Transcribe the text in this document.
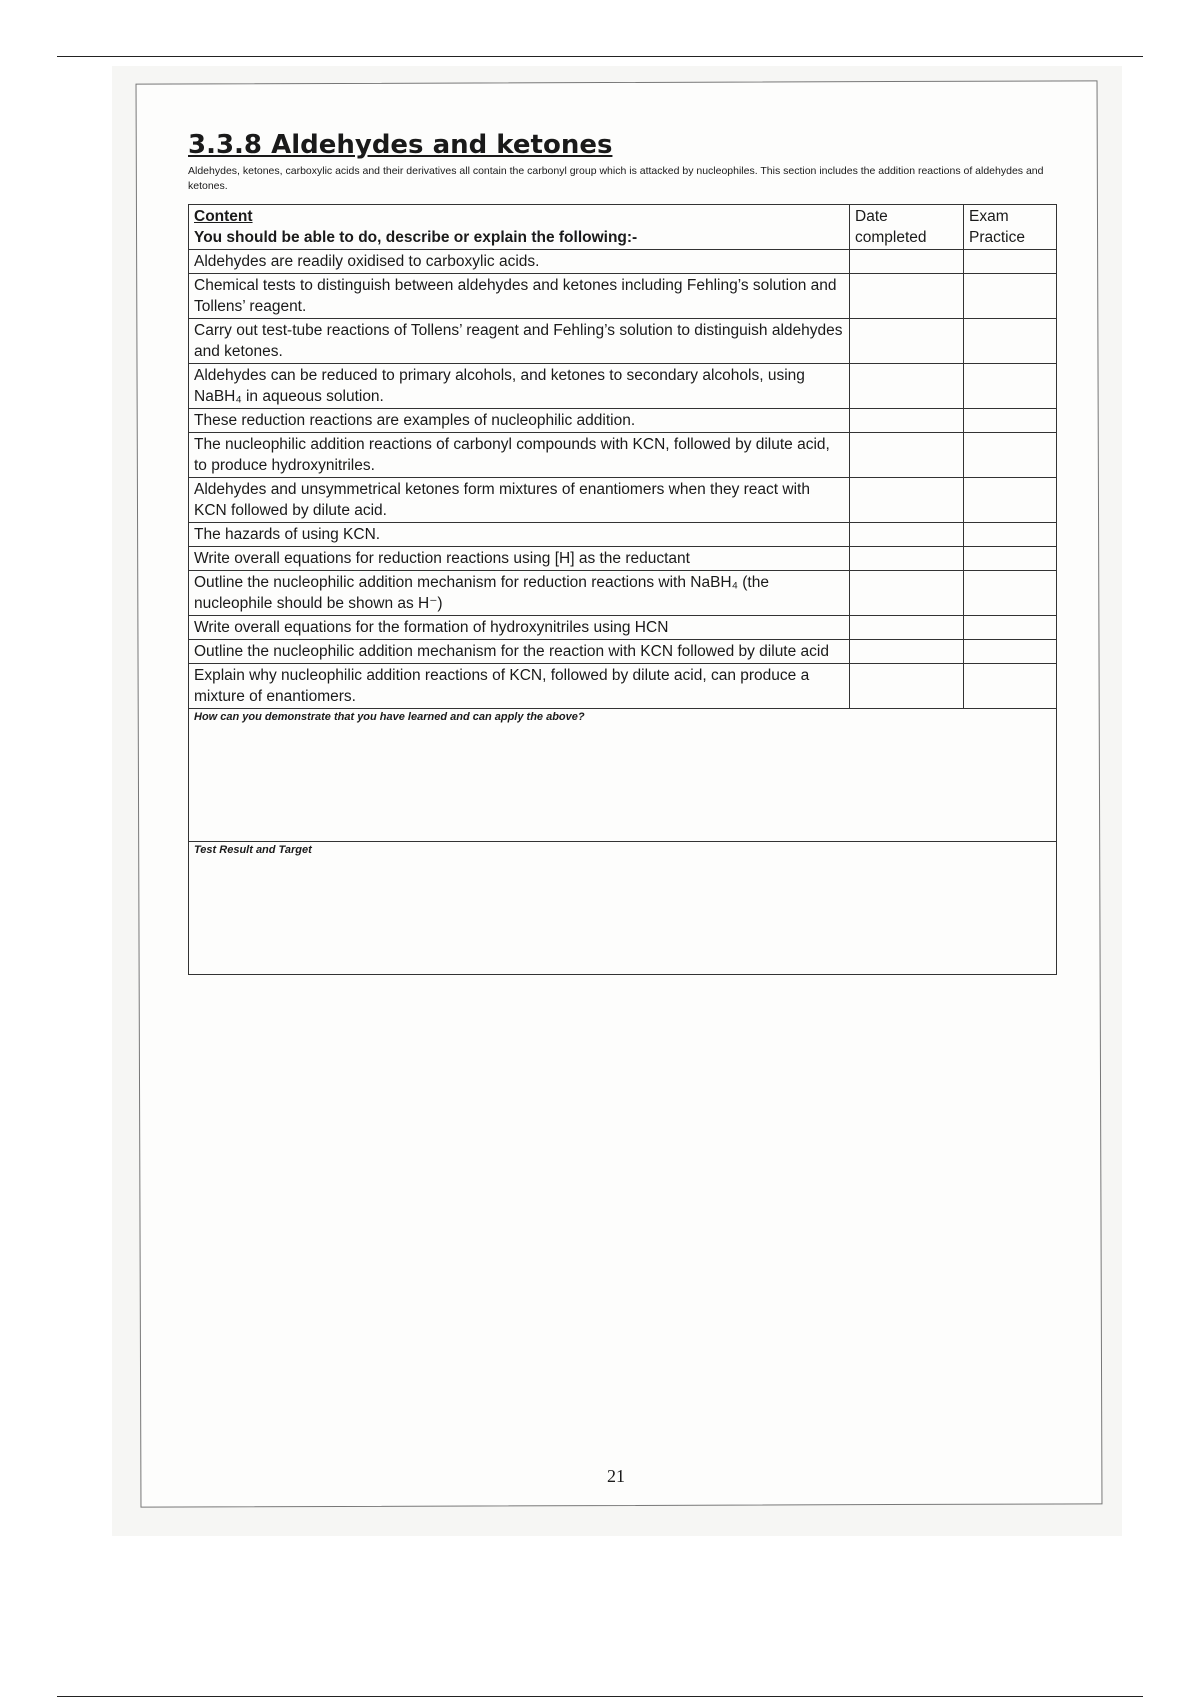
3.3.8 Aldehydes and ketones

Aldehydes, ketones, carboxylic acids and their derivatives all contain the carbonyl group which is attacked by nucleophiles. This section includes the addition reactions of aldehydes and ketones.

Content
You should be able to do, describe or explain the following:-	Date completed	Exam Practice
Aldehydes are readily oxidised to carboxylic acids.		
Chemical tests to distinguish between aldehydes and ketones including Fehling’s solution and Tollens’ reagent.		
Carry out test-tube reactions of Tollens’ reagent and Fehling’s solution to distinguish aldehydes and ketones.		
Aldehydes can be reduced to primary alcohols, and ketones to secondary alcohols, using NaBH₄ in aqueous solution.		
These reduction reactions are examples of nucleophilic addition.		
The nucleophilic addition reactions of carbonyl compounds with KCN, followed by dilute acid, to produce hydroxynitriles.		
Aldehydes and unsymmetrical ketones form mixtures of enantiomers when they react with KCN followed by dilute acid.		
The hazards of using KCN.		
Write overall equations for reduction reactions using [H] as the reductant		
Outline the nucleophilic addition mechanism for reduction reactions with NaBH₄ (the nucleophile should be shown as H⁻)		
Write overall equations for the formation of hydroxynitriles using HCN		
Outline the nucleophilic addition mechanism for the reaction with KCN followed by dilute acid		
Explain why nucleophilic addition reactions of KCN, followed by dilute acid, can produce a mixture of enantiomers.		
How can you demonstrate that you have learned and can apply the above?		
Test Result and Target		
21
